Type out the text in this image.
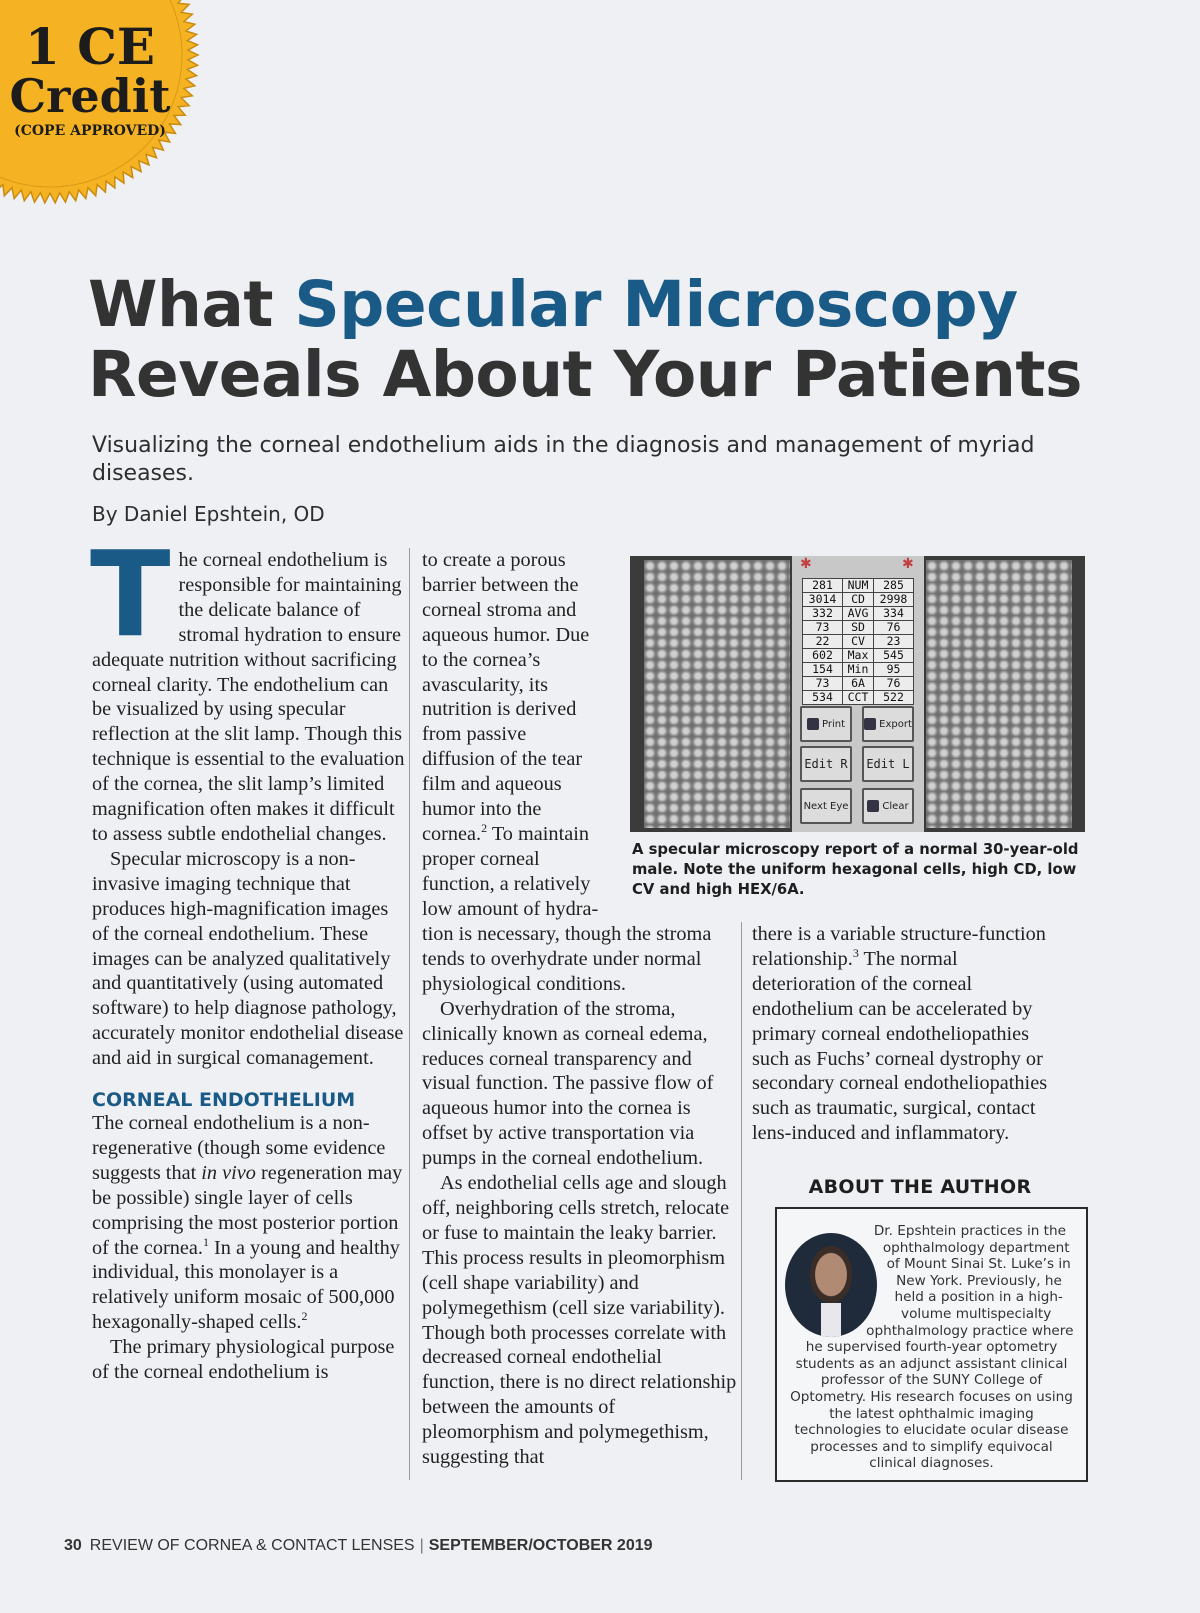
1 CE
Credit
(COPE APPROVED)
What Specular Microscopy
Reveals About Your Patients
Visualizing the corneal endothelium aids in the diagnosis and management of myriad diseases.
By Daniel Epshtein, OD

The corneal endothelium is responsible for maintaining the delicate balance of stromal hydration to ensure adequate nutrition without sacrificing corneal clarity. The endothelium can be visualized by using specular reflection at the slit lamp. Though this technique is essential to the evaluation of the cornea, the slit lamp’s limited magnification often makes it difficult to assess subtle endothelial changes.

Specular microscopy is a non-invasive imaging technique that produces high-magnification images of the corneal endothelium. These images can be analyzed qualitatively and quantitatively (using automated software) to help diagnose pathology, accurately monitor endothelial disease and aid in surgical comanagement.

CORNEAL ENDOTHELIUM

The corneal endothelium is a non-regenerative (though some evidence suggests that in vivo regeneration may be possible) single layer of cells comprising the most posterior portion of the cornea.$^1$ In a young and healthy individual, this monolayer is a relatively uniform mosaic of 500,000 hexagonally-shaped cells.$^2$

The primary physiological purpose of the corneal endothelium is

to create a porous barrier between the corneal stroma and aqueous humor. Due to the cornea’s avascularity, its nutrition is derived from passive diffusion of the tear film and aqueous humor into the cornea.$^2$ To maintain proper corneal function, a relatively low amount of hydra-

tion is necessary, though the stroma tends to overhydrate under normal physiological conditions.

Overhydration of the stroma, clinically known as corneal edema, reduces corneal transparency and visual function. The passive flow of aqueous humor into the cornea is offset by active transportation via pumps in the corneal endothelium.

As endothelial cells age and slough off, neighboring cells stretch, relocate or fuse to maintain the leaky barrier. This process results in pleomorphism (cell shape variability) and polymegethism (cell size variability). Though both processes correlate with decreased corneal endothelial function, there is no direct relationship between the amounts of pleomorphism and polymegethism, suggesting that

there is a variable structure-function relationship.$^3$ The normal deterioration of the corneal endothelium can be accelerated by primary corneal endotheliopathies such as Fuchs’ corneal dystrophy or secondary corneal endotheliopathies such as traumatic, surgical, contact lens-induced and inflammatory.

✱	✱
281	NUM	285
3014	CD	2998
332	AVG	334
73	SD	76
22	CV	23
602	Max	545
154	Min	95
73	6A	76
534	CCT	522
Print	Export
Edit R Edit L
Next Eye	Clear
A specular microscopy report of a normal 30-year-old male. Note the uniform hexagonal cells, high CD, low CV and high HEX/6A.
ABOUT THE AUTHOR
Dr. Epshtein practices in the ophthalmology department of Mount Sinai St. Luke’s in New York. Previously, he held a position in a high-volume multispecialty ophthalmology practice where he supervised fourth-year optometry students as an adjunct assistant clinical professor of the SUNY College of Optometry. His research focuses on using the latest ophthalmic imaging technologies to elucidate ocular disease processes and to simplify equivocal clinical diagnoses.
30 REVIEW OF CORNEA & CONTACT LENSES | SEPTEMBER/OCTOBER 2019
